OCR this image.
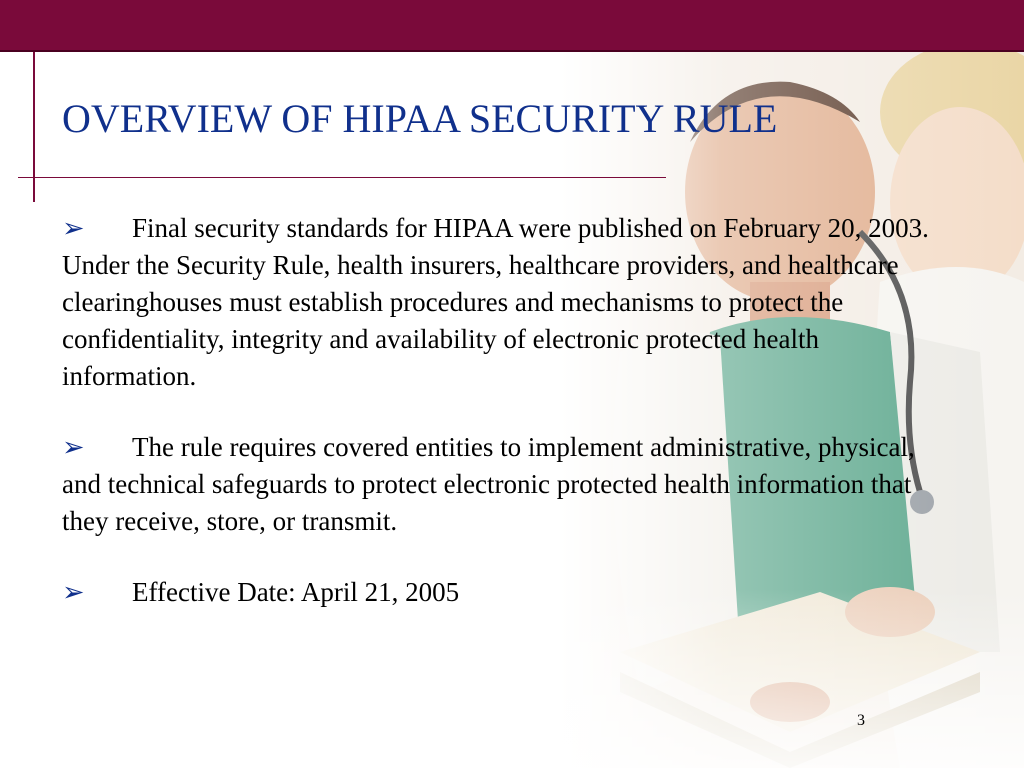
OVERVIEW OF HIPAA SECURITY RULE

➢ Final security standards for HIPAA were published on February 20, 2003. Under the Security Rule, health insurers, healthcare providers, and healthcare clearinghouses must establish procedures and mechanisms to protect the confidentiality, integrity and availability of electronic protected health information.

➢ The rule requires covered entities to implement administrative, physical, and technical safeguards to protect electronic protected health information that they receive, store, or transmit.

➢ Effective Date: April 21, 2005

3
